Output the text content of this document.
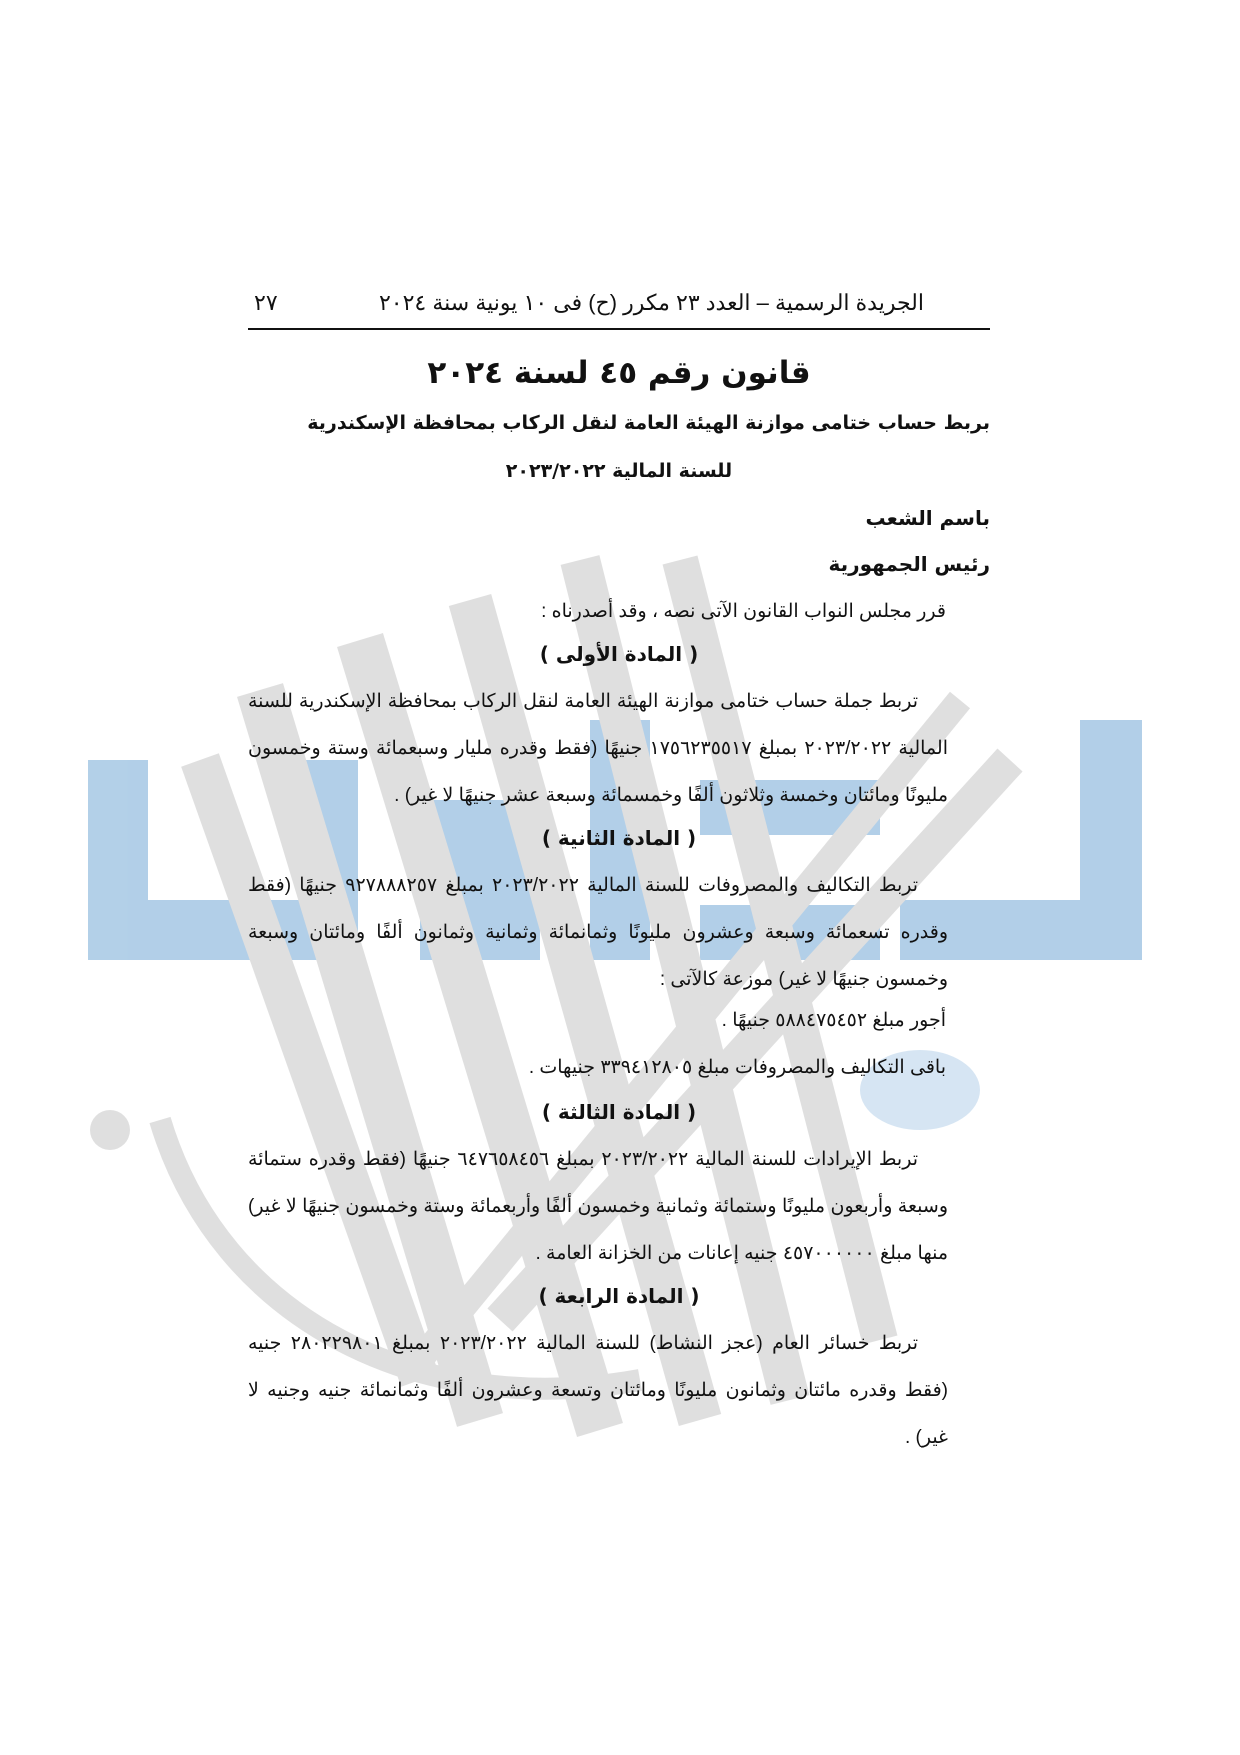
الجريدة الرسمية – العدد ٢٣ مكرر (ح) فى ١٠ يونية سنة ٢٠٢٤
٢٧
قانون رقم ٤٥ لسنة ٢٠٢٤
بربط حساب ختامى موازنة الهيئة العامة لنقل الركاب بمحافظة الإسكندرية
للسنة المالية ٢٠٢٣/٢٠٢٢
باسم الشعب
رئيس الجمهورية
قرر مجلس النواب القانون الآتى نصه ، وقد أصدرناه :
( المادة الأولى )
تربط جملة حساب ختامى موازنة الهيئة العامة لنقل الركاب بمحافظة الإسكندرية للسنة المالية ٢٠٢٣/٢٠٢٢ بمبلغ ١٧٥٦٢٣٥٥١٧ جنيهًا (فقط وقدره مليار وسبعمائة وستة وخمسون مليونًا ومائتان وخمسة وثلاثون ألفًا وخمسمائة وسبعة عشر جنيهًا لا غير) .
( المادة الثانية )
تربط التكاليف والمصروفات للسنة المالية ٢٠٢٣/٢٠٢٢ بمبلغ ٩٢٧٨٨٨٢٥٧ جنيهًا (فقط وقدره تسعمائة وسبعة وعشرون مليونًا وثمانمائة وثمانية وثمانون ألفًا ومائتان وسبعة وخمسون جنيهًا لا غير) موزعة كالآتى :
أجور مبلغ ٥٨٨٤٧٥٤٥٢ جنيهًا .
باقى التكاليف والمصروفات مبلغ ٣٣٩٤١٢٨٠٥ جنيهات .
( المادة الثالثة )
تربط الإيرادات للسنة المالية ٢٠٢٣/٢٠٢٢ بمبلغ ٦٤٧٦٥٨٤٥٦ جنيهًا (فقط وقدره ستمائة وسبعة وأربعون مليونًا وستمائة وثمانية وخمسون ألفًا وأربعمائة وستة وخمسون جنيهًا لا غير) منها مبلغ ٤٥٧٠٠٠٠٠٠ جنيه إعانات من الخزانة العامة .
( المادة الرابعة )
تربط خسائر العام (عجز النشاط) للسنة المالية ٢٠٢٣/٢٠٢٢ بمبلغ ٢٨٠٢٢٩٨٠١ جنيه (فقط وقدره مائتان وثمانون مليونًا ومائتان وتسعة وعشرون ألفًا وثمانمائة جنيه وجنيه لا غير) .
